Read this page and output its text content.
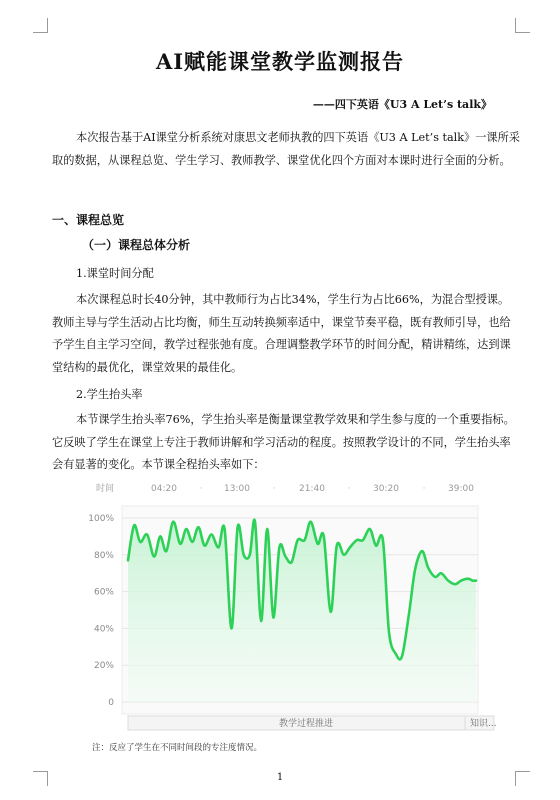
AI赋能课堂教学监测报告

——四下英语《U3 A Let’s talk》

本次报告基于AI课堂分析系统对康思文老师执教的四下英语《U3 A Let’s talk》一课所采取的数据，从课程总览、学生学习、教师教学、课堂优化四个方面对本课时进行全面的分析。

一、课程总览

（一）课程总体分析

1.课堂时间分配

本次课程总时长40分钟，其中教师行为占比34%，学生行为占比66%，为混合型授课。教师主导与学生活动占比均衡，师生互动转换频率适中，课堂节奏平稳，既有教师引导，也给予学生自主学习空间，教学过程张弛有度。合理调整教学环节的时间分配，精讲精练，达到课堂结构的最优化，课堂效果的最佳化。

2.学生抬头率

本节课学生抬头率76%，学生抬头率是衡量课堂教学效果和学生参与度的一个重要指标。它反映了学生在课堂上专注于教师讲解和学习活动的程度。按照教学设计的不同，学生抬头率会有显著的变化。本节课全程抬头率如下：

时间	04:20	13:00	21:40	30:20	39:00
·	·	·	·
100%
80%
60%
40%
20%
0
教学过程推进	知识...

注：反应了学生在不同时间段的专注度情况。

1
